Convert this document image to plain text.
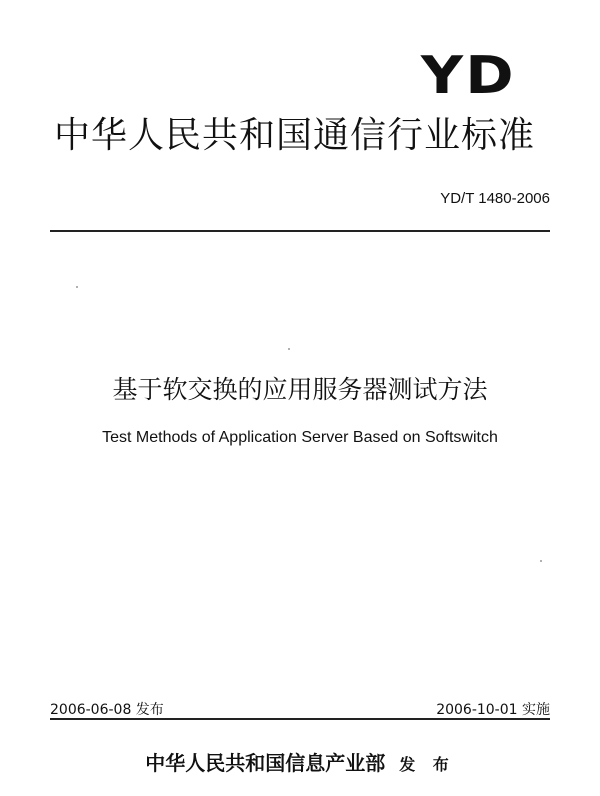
YD
中华人民共和国通信行业标准
YD/T 1480-2006
基于软交换的应用服务器测试方法
Test Methods of Application Server Based on Softswitch
2006-06-08 发布	2006-10-01 实施
中华人民共和国信息产业部 发 布
